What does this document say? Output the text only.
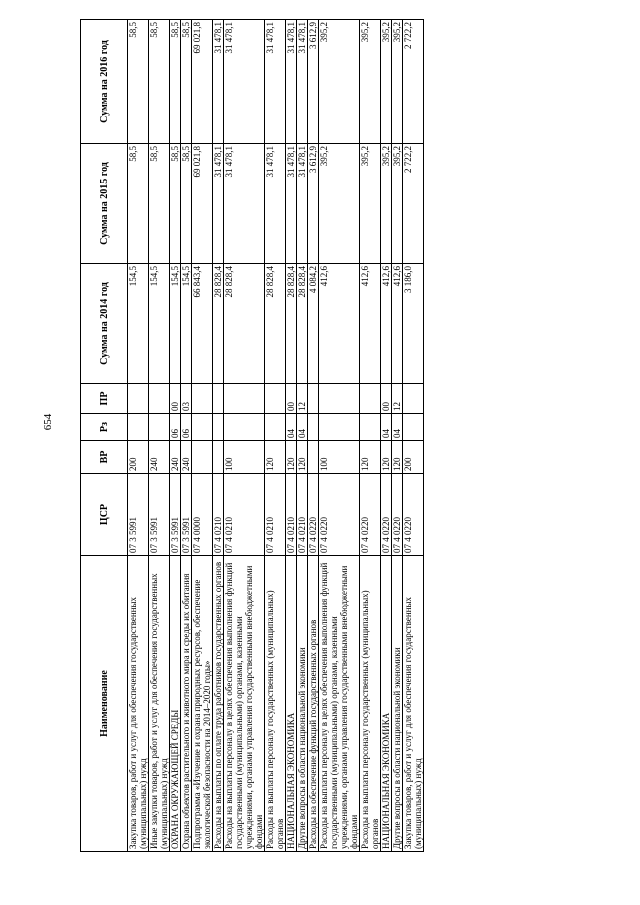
654
Наименование	ЦСР	ВР	Рз	ПР	Сумма на 2014 год	Сумма на 2015 год	Сумма на 2016 год
Закупка товаров, работ и услуг для обеспечения государственных (муниципальных) нужд	07 3 5991	200			154,5	58,5	58,5
Иные закупки товаров, работ и услуг для обеспечения государственных (муниципальных) нужд	07 3 5991	240			154,5	58,5	58,5
ОХРАНА ОКРУЖАЮЩЕЙ СРЕДЫ	07 3 5991	240	06	00	154,5	58,5	58,5
Охрана объектов растительного и животного мира и среды их обитания	07 3 5991	240	06	03	154,5	58,5	58,5
Подпрограмма «Изучение и охрана природных ресурсов, обеспечение экологической безопасности на 2014–2020 годы»	07 4 0000				66 843,4	69 021,8	69 021,8
Расходы на выплаты по оплате труда работников государственных органов	07 4 0210				28 828,4	31 478,1	31 478,1
Расходы на выплаты персоналу в целях обеспечения выполнения функций государственными (муниципальными) органами, казенными учреждениями, органами управления государственными внебюджетными фондами	07 4 0210	100			28 828,4	31 478,1	31 478,1
Расходы на выплаты персоналу государственных (муниципальных) органов	07 4 0210	120			28 828,4	31 478,1	31 478,1
НАЦИОНАЛЬНАЯ ЭКОНОМИКА	07 4 0210	120	04	00	28 828,4	31 478,1	31 478,1
Другие вопросы в области национальной экономики	07 4 0210	120	04	12	28 828,4	31 478,1	31 478,1
Расходы на обеспечение функций государственных органов	07 4 0220				4 084,2	3 612,9	3 612,9
Расходы на выплаты персоналу в целях обеспечения выполнения функций государственными (муниципальными) органами, казенными учреждениями, органами управления государственными внебюджетными фондами	07 4 0220	100			412,6	395,2	395,2
Расходы на выплаты персоналу государственных (муниципальных) органов	07 4 0220	120			412,6	395,2	395,2
НАЦИОНАЛЬНАЯ ЭКОНОМИКА	07 4 0220	120	04	00	412,6	395,2	395,2
Другие вопросы в области национальной экономики	07 4 0220	120	04	12	412,6	395,2	395,2
Закупка товаров, работ и услуг для обеспечения государственных (муниципальных) нужд	07 4 0220	200			3 186,0	2 722,2	2 722,2
